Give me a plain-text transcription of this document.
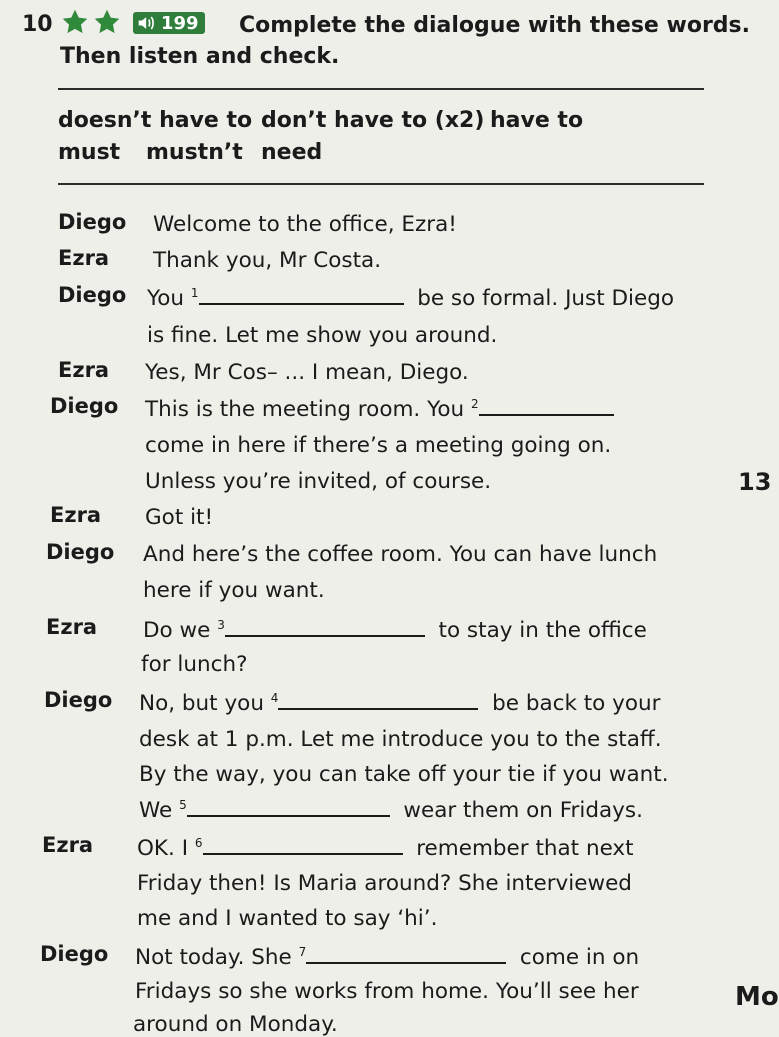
10	199 Complete the dialogue with these words.
Then listen and check.
doesn’t have to don’t have to (x2) have to
must mustn’t need
Diego Welcome to the office, Ezra!
Ezra Thank you, Mr Costa.
Diego You $^1$	be so formal. Just Diego
is fine. Let me show you around.
Ezra Yes, Mr Cos– ... I mean, Diego.
Diego This is the meeting room. You $^2$
come in here if there’s a meeting going on.
Unless you’re invited, of course.	13
Ezra Got it!
Diego And here’s the coffee room. You can have lunch
here if you want.
Ezra Do we $^3$	to stay in the office
for lunch?
Diego No, but you $^4$	be back to your
desk at 1 p.m. Let me introduce you to the staff.
By the way, you can take off your tie if you want.
We $^5$	wear them on Fridays.
Ezra OK. I $^6$	remember that next
Friday then! Is Maria around? She interviewed
me and I wanted to say ‘hi’.
Diego Not today. She $^7$	come in on
Fridays so she works from home. You’ll see her
around on Monday.
Mo
